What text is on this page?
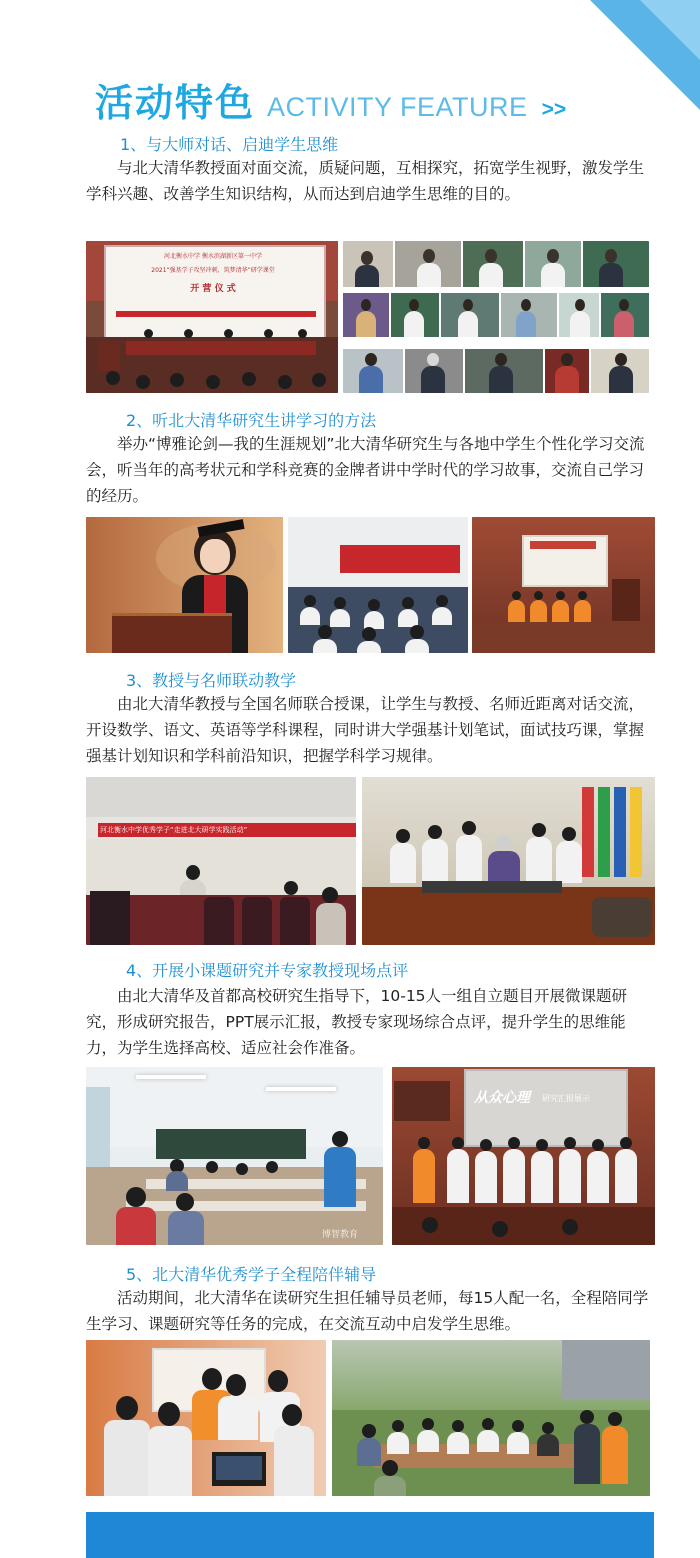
活动特色 ACTIVITY FEATURE >>
1、与大师对话、启迪学生思维
与北大清华教授面对面交流，质疑问题，互相探究，拓宽学生视野，激发学生学科兴趣、改善学生知识结构，从而达到启迪学生思维的目的。
河北衡水中学 衡水滨湖新区第一中学
2021“强基学子攻坚冲刺，筑梦清华”研学课堂
开 营 仪 式
2、听北大清华研究生讲学习的方法
举办“博雅论剑—我的生涯规划”北大清华研究生与各地中学生个性化学习交流会，听当年的高考状元和学科竞赛的金牌者讲中学时代的学习故事，交流自己学习的经历。
3、教授与名师联动教学
由北大清华教授与全国名师联合授课，让学生与教授、名师近距离对话交流，开设数学、语文、英语等学科课程，同时讲大学强基计划笔试，面试技巧课，掌握强基计划知识和学科前沿知识，把握学科学习规律。
河北衡水中学优秀学子“走进北大研学实践活动”
4、开展小课题研究并专家教授现场点评
由北大清华及首都高校研究生指导下，10-15人一组自立题目开展微课题研究，形成研究报告，PPT展示汇报，教授专家现场综合点评，提升学生的思维能力，为学生选择高校、适应社会作准备。
博智教育
从众心理 研究汇报展示
5、北大清华优秀学子全程陪伴辅导
活动期间，北大清华在读研究生担任辅导员老师，每15人配一名，全程陪同学生学习、课题研究等任务的完成，在交流互动中启发学生思维。
